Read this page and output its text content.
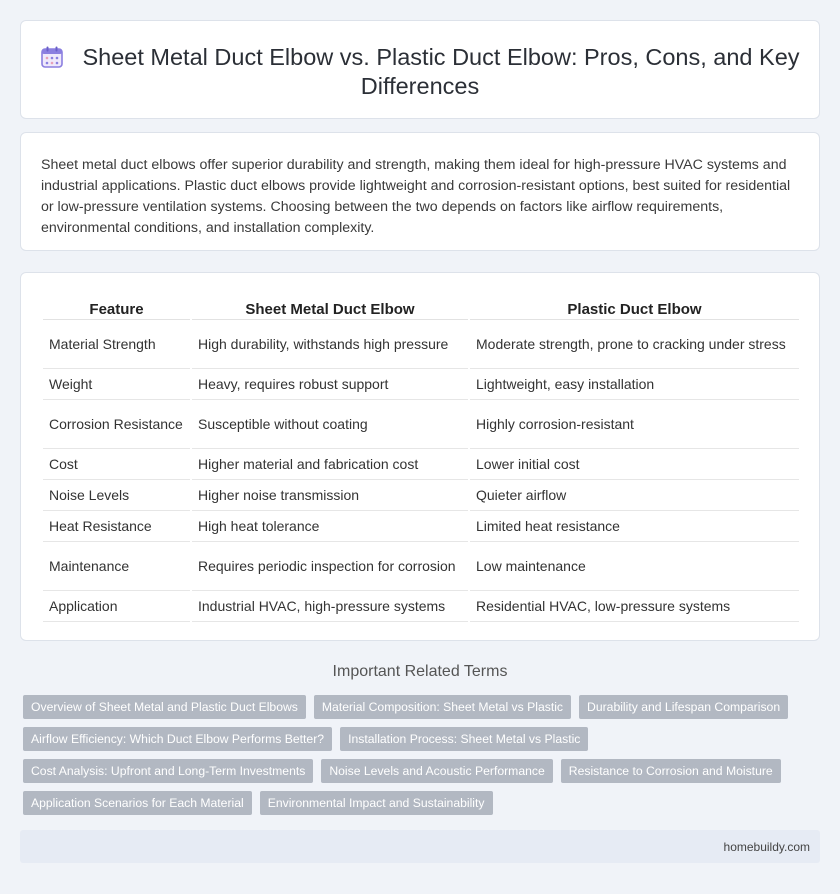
Sheet Metal Duct Elbow vs. Plastic Duct Elbow: Pros, Cons, and Key Differences

Sheet metal duct elbows offer superior durability and strength, making them ideal for high-pressure HVAC systems and industrial applications. Plastic duct elbows provide lightweight and corrosion-resistant options, best suited for residential or low-pressure ventilation systems. Choosing between the two depends on factors like airflow requirements, environmental conditions, and installation complexity.

Feature	Sheet Metal Duct Elbow	Plastic Duct Elbow
Material Strength	High durability, withstands high pressure	Moderate strength, prone to cracking under stress
Weight	Heavy, requires robust support	Lightweight, easy installation
Corrosion Resistance	Susceptible without coating	Highly corrosion-resistant
Cost	Higher material and fabrication cost	Lower initial cost
Noise Levels	Higher noise transmission	Quieter airflow
Heat Resistance	High heat tolerance	Limited heat resistance
Maintenance	Requires periodic inspection for corrosion	Low maintenance
Application	Industrial HVAC, high-pressure systems	Residential HVAC, low-pressure systems
Important Related Terms
Overview of Sheet Metal and Plastic Duct Elbows	Material Composition: Sheet Metal vs Plastic	Durability and Lifespan Comparison
Airflow Efficiency: Which Duct Elbow Performs Better?	Installation Process: Sheet Metal vs Plastic
Cost Analysis: Upfront and Long-Term Investments	Noise Levels and Acoustic Performance	Resistance to Corrosion and Moisture
Application Scenarios for Each Material	Environmental Impact and Sustainability
homebuildy.com
